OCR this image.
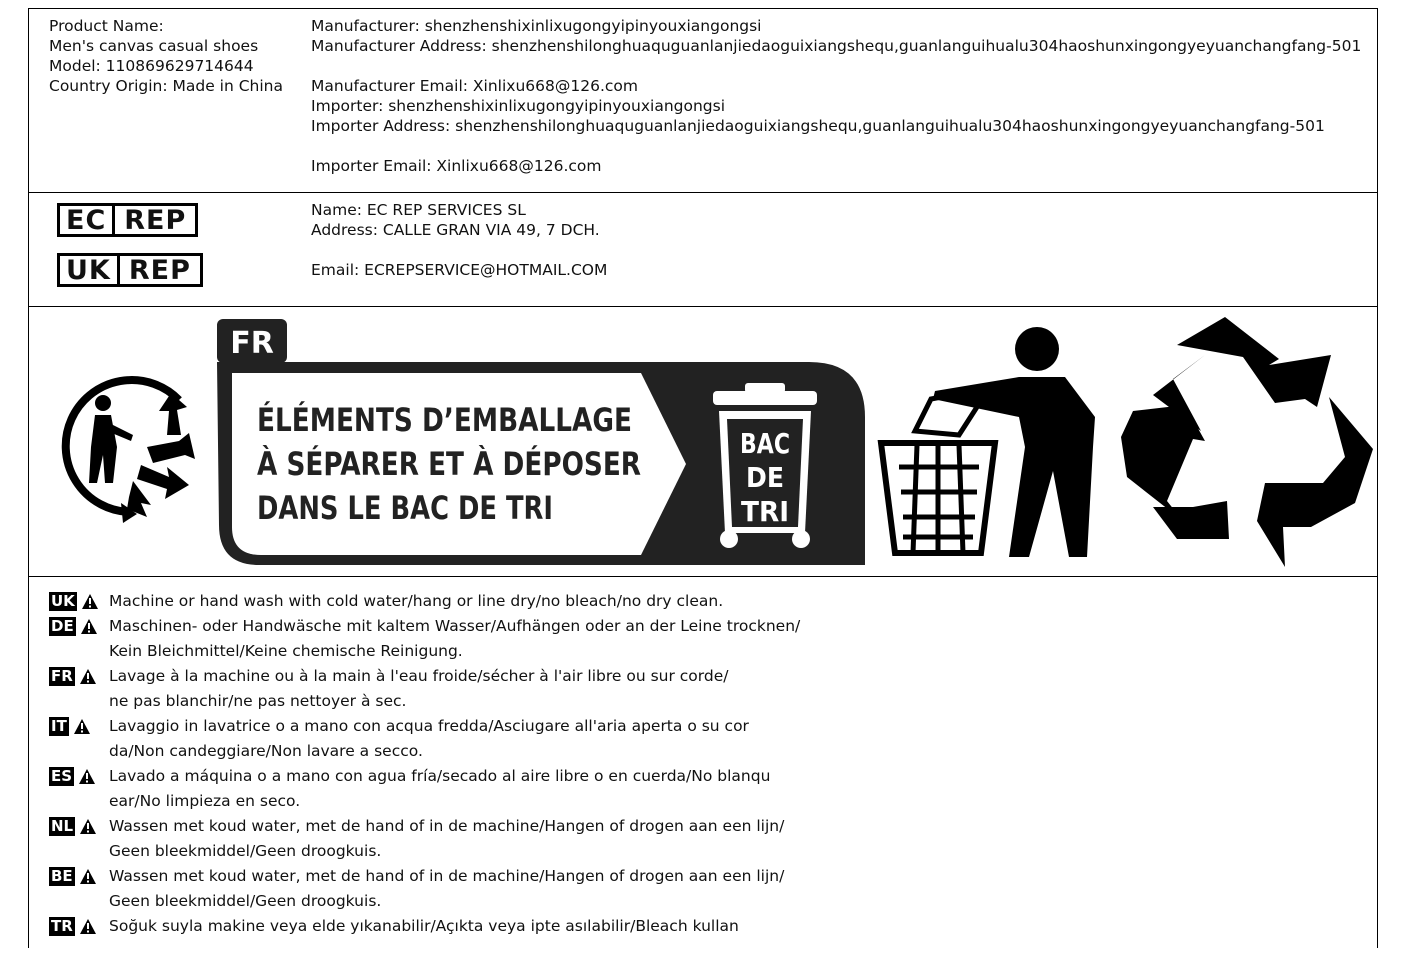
Product Name:
Men's canvas casual shoes
Model: 110869629714644
Country Origin: Made in China
Manufacturer: shenzhenshixinlixugongyipinyouxiangongsi
Manufacturer Address: shenzhenshilonghuaquguanlanjiedaoguixiangshequ,guanlanguihualu304haoshunxingongyeyuanchangfang-501
Manufacturer Email: Xinlixu668@126.com
Importer: shenzhenshixinlixugongyipinyouxiangongsi
Importer Address: shenzhenshilonghuaquguanlanjiedaoguixiangshequ,guanlanguihualu304haoshunxingongyeyuanchangfang-501
Importer Email: Xinlixu668@126.com
EC REP
UK REP
Name: EC REP SERVICES SL
Address: CALLE GRAN VIA 49, 7 DCH.
Email: ECREPSERVICE@HOTMAIL.COM
FR
ÉLÉMENTS D’EMBALLAGE
À SÉPARER ET À DÉPOSER
DANS LE BAC DE TRI
BAC
DE
TRI
UK Machine or hand wash with cold water/hang or line dry/no bleach/no dry clean.
DE Maschinen- oder Handwäsche mit kaltem Wasser/Aufhängen oder an der Leine trocknen/
Kein Bleichmittel/Keine chemische Reinigung.
FR Lavage à la machine ou à la main à l'eau froide/sécher à l'air libre ou sur corde/
ne pas blanchir/ne pas nettoyer à sec.
IT	Lavaggio in lavatrice o a mano con acqua fredda/Asciugare all'aria aperta o su cor
da/Non candeggiare/Non lavare a secco.
ES Lavado a máquina o a mano con agua fría/secado al aire libre o en cuerda/No blanqu
ear/No limpieza en seco.
NL Wassen met koud water, met de hand of in de machine/Hangen of drogen aan een lijn/
Geen bleekmiddel/Geen droogkuis.
BE Wassen met koud water, met de hand of in de machine/Hangen of drogen aan een lijn/
Geen bleekmiddel/Geen droogkuis.
TR Soğuk suyla makine veya elde yıkanabilir/Açıkta veya ipte asılabilir/Bleach kullan
